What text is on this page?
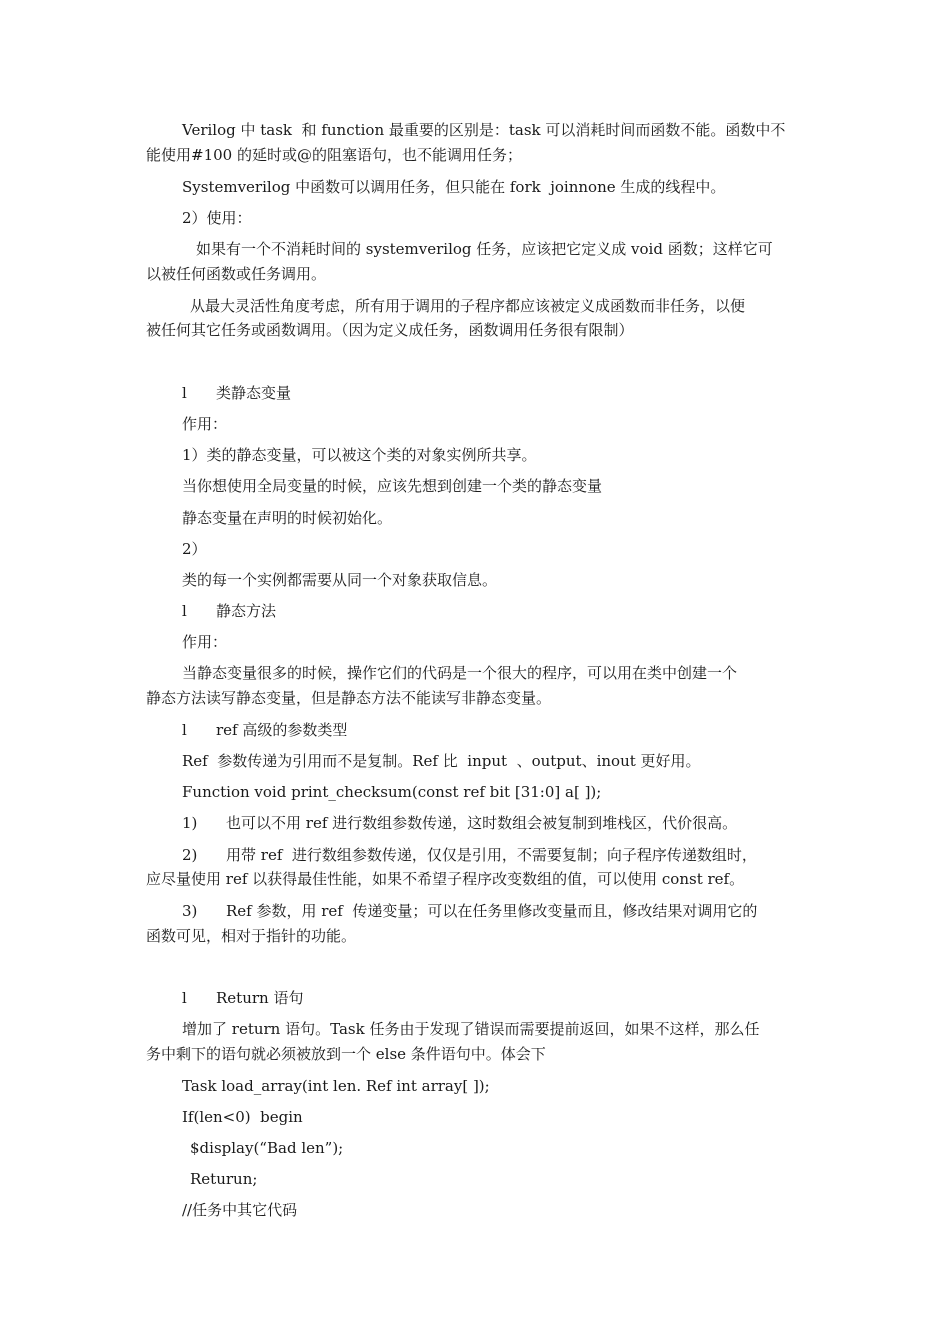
Verilog 中 task  和 function 最重要的区别是：task 可以消耗时间而函数不能。函数中不
能使用#100 的延时或@的阻塞语句，也不能调用任务；
Systemverilog 中函数可以调用任务，但只能在 fork  joinnone 生成的线程中。
2）使用：
如果有一个不消耗时间的 systemverilog 任务，应该把它定义成 void 函数；这样它可
以被任何函数或任务调用。
从最大灵活性角度考虑，所有用于调用的子程序都应该被定义成函数而非任务，以便
被任何其它任务或函数调用。（因为定义成任务，函数调用任务很有限制）
l 类静态变量
作用：
1）类的静态变量，可以被这个类的对象实例所共享。
当你想使用全局变量的时候，应该先想到创建一个类的静态变量
静态变量在声明的时候初始化。
2）
类的每一个实例都需要从同一个对象获取信息。
l 静态方法
作用：
当静态变量很多的时候，操作它们的代码是一个很大的程序，可以用在类中创建一个
静态方法读写静态变量，但是静态方法不能读写非静态变量。
l ref 高级的参数类型
Ref  参数传递为引用而不是复制。Ref 比  input  、output、inout 更好用。
Function void print_checksum(const ref bit [31:0] a[ ]);
1) 也可以不用 ref 进行数组参数传递，这时数组会被复制到堆栈区，代价很高。
2) 用带 ref  进行数组参数传递，仅仅是引用，不需要复制；向子程序传递数组时，
应尽量使用 ref 以获得最佳性能，如果不希望子程序改变数组的值，可以使用 const ref。
3) Ref 参数，用 ref  传递变量；可以在任务里修改变量而且，修改结果对调用它的
函数可见，相对于指针的功能。
l Return 语句
增加了 return 语句。Task 任务由于发现了错误而需要提前返回，如果不这样，那么任
务中剩下的语句就必须被放到一个 else 条件语句中。体会下
Task load_array(int len. Ref int array[ ]);
If(len<0)  begin
$display(“Bad len”);
Returun;
//任务中其它代码
